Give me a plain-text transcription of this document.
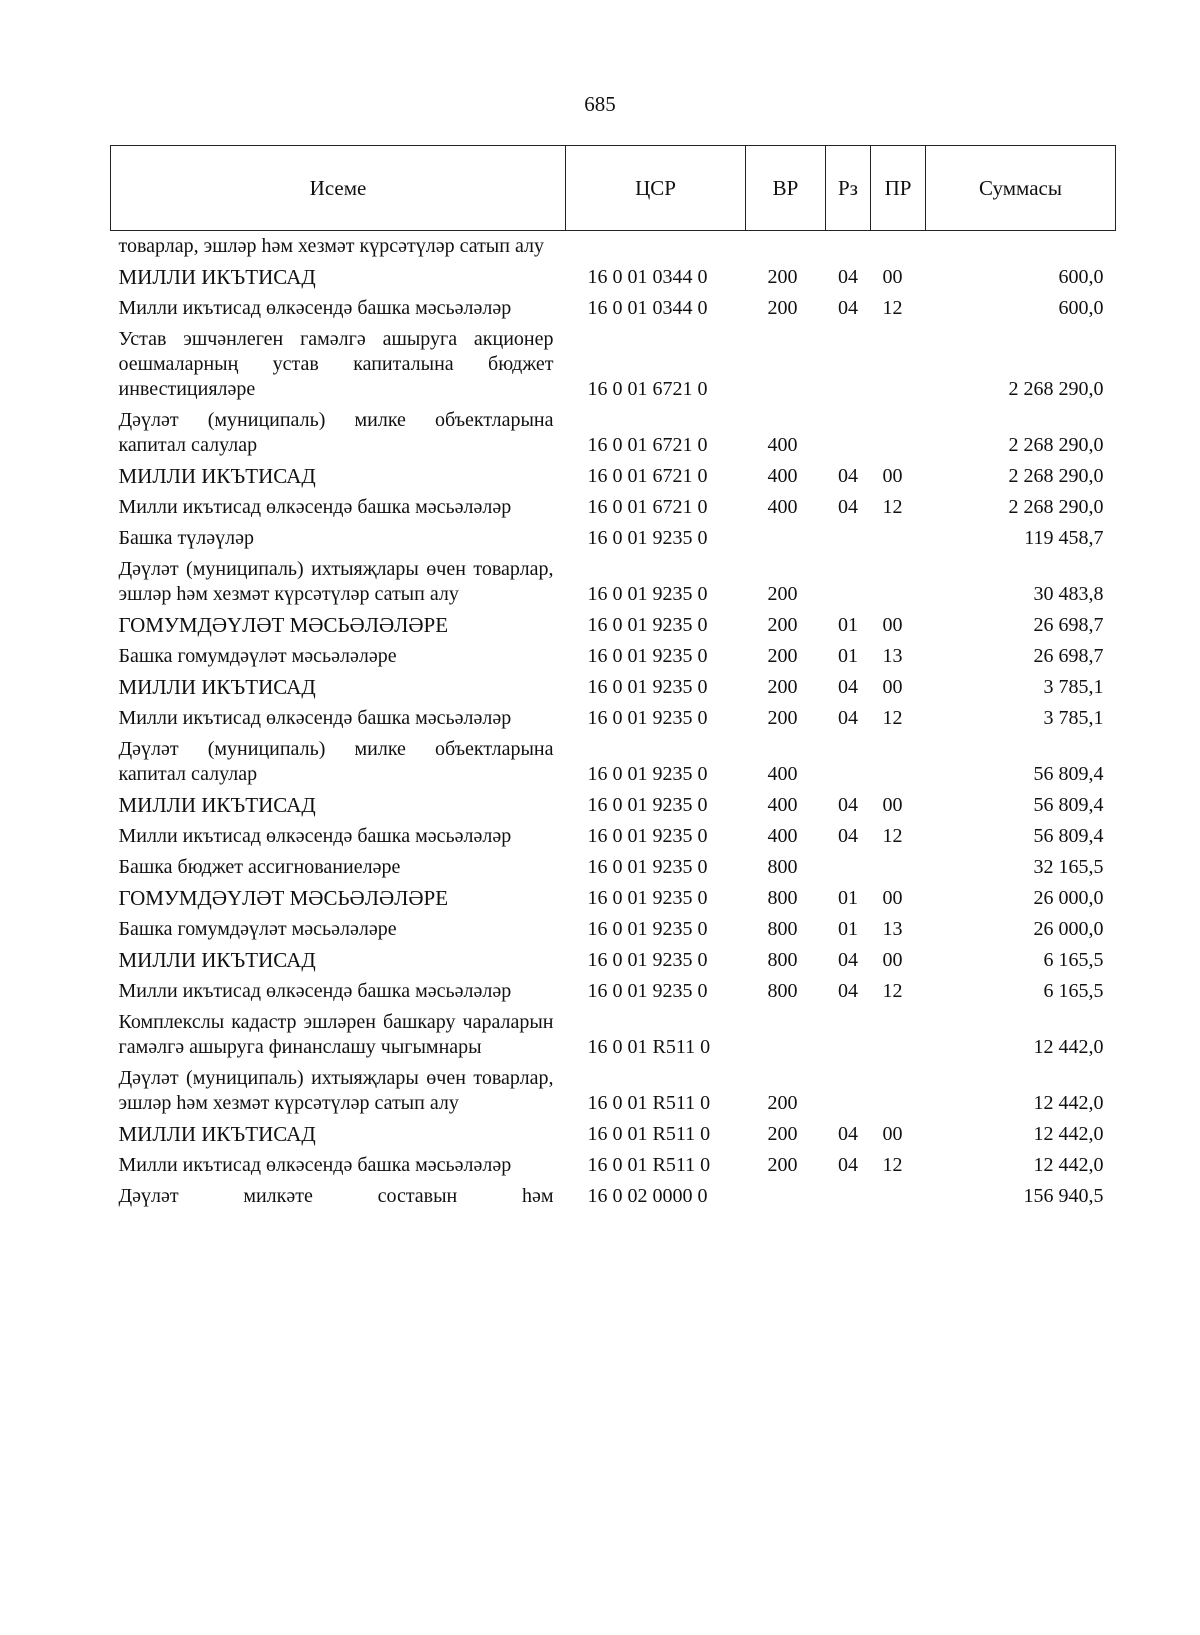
685
Исеме	ЦСР	ВР	Рз	ПР	Суммасы
товарлар, эшләр һәм хезмәт күрсәтүләр сатып алу					
МИЛЛИ ИКЪТИСАД	16 0 01 0344 0	200	04	00	600,0
Милли икътисад өлкәсендә башка мәсьәләләр	16 0 01 0344 0	200	04	12	600,0
Устав эшчәнлеген гамәлгә ашыруга акционер оешмаларның устав капиталына бюджет инвестицияләре	16 0 01 6721 0				2 268 290,0
Дәүләт (муниципаль) милке объектларына капитал салулар	16 0 01 6721 0	400			2 268 290,0
МИЛЛИ ИКЪТИСАД	16 0 01 6721 0	400	04	00	2 268 290,0
Милли икътисад өлкәсендә башка мәсьәләләр	16 0 01 6721 0	400	04	12	2 268 290,0
Башка түләүләр	16 0 01 9235 0				119 458,7
Дәүләт (муниципаль) ихтыяҗлары өчен товарлар, эшләр һәм хезмәт күрсәтүләр сатып алу	16 0 01 9235 0	200			30 483,8
ГОМУМДӘҮЛӘТ МӘСЬӘЛӘЛӘРЕ	16 0 01 9235 0	200	01	00	26 698,7
Башка гомумдәүләт мәсьәләләре	16 0 01 9235 0	200	01	13	26 698,7
МИЛЛИ ИКЪТИСАД	16 0 01 9235 0	200	04	00	3 785,1
Милли икътисад өлкәсендә башка мәсьәләләр	16 0 01 9235 0	200	04	12	3 785,1
Дәүләт (муниципаль) милке объектларына капитал салулар	16 0 01 9235 0	400			56 809,4
МИЛЛИ ИКЪТИСАД	16 0 01 9235 0	400	04	00	56 809,4
Милли икътисад өлкәсендә башка мәсьәләләр	16 0 01 9235 0	400	04	12	56 809,4
Башка бюджет ассигнованиеләре	16 0 01 9235 0	800			32 165,5
ГОМУМДӘҮЛӘТ МӘСЬӘЛӘЛӘРЕ	16 0 01 9235 0	800	01	00	26 000,0
Башка гомумдәүләт мәсьәләләре	16 0 01 9235 0	800	01	13	26 000,0
МИЛЛИ ИКЪТИСАД	16 0 01 9235 0	800	04	00	6 165,5
Милли икътисад өлкәсендә башка мәсьәләләр	16 0 01 9235 0	800	04	12	6 165,5
Комплекслы кадастр эшләрен башкару чараларын гамәлгә ашыруга финанслашу чыгымнары	16 0 01 R511 0				12 442,0
Дәүләт (муниципаль) ихтыяҗлары өчен товарлар, эшләр һәм хезмәт күрсәтүләр сатып алу	16 0 01 R511 0	200			12 442,0
МИЛЛИ ИКЪТИСАД	16 0 01 R511 0	200	04	00	12 442,0
Милли икътисад өлкәсендә башка мәсьәләләр	16 0 01 R511 0	200	04	12	12 442,0
Дәүләт милкәте составын һәм	16 0 02 0000 0				156 940,5
